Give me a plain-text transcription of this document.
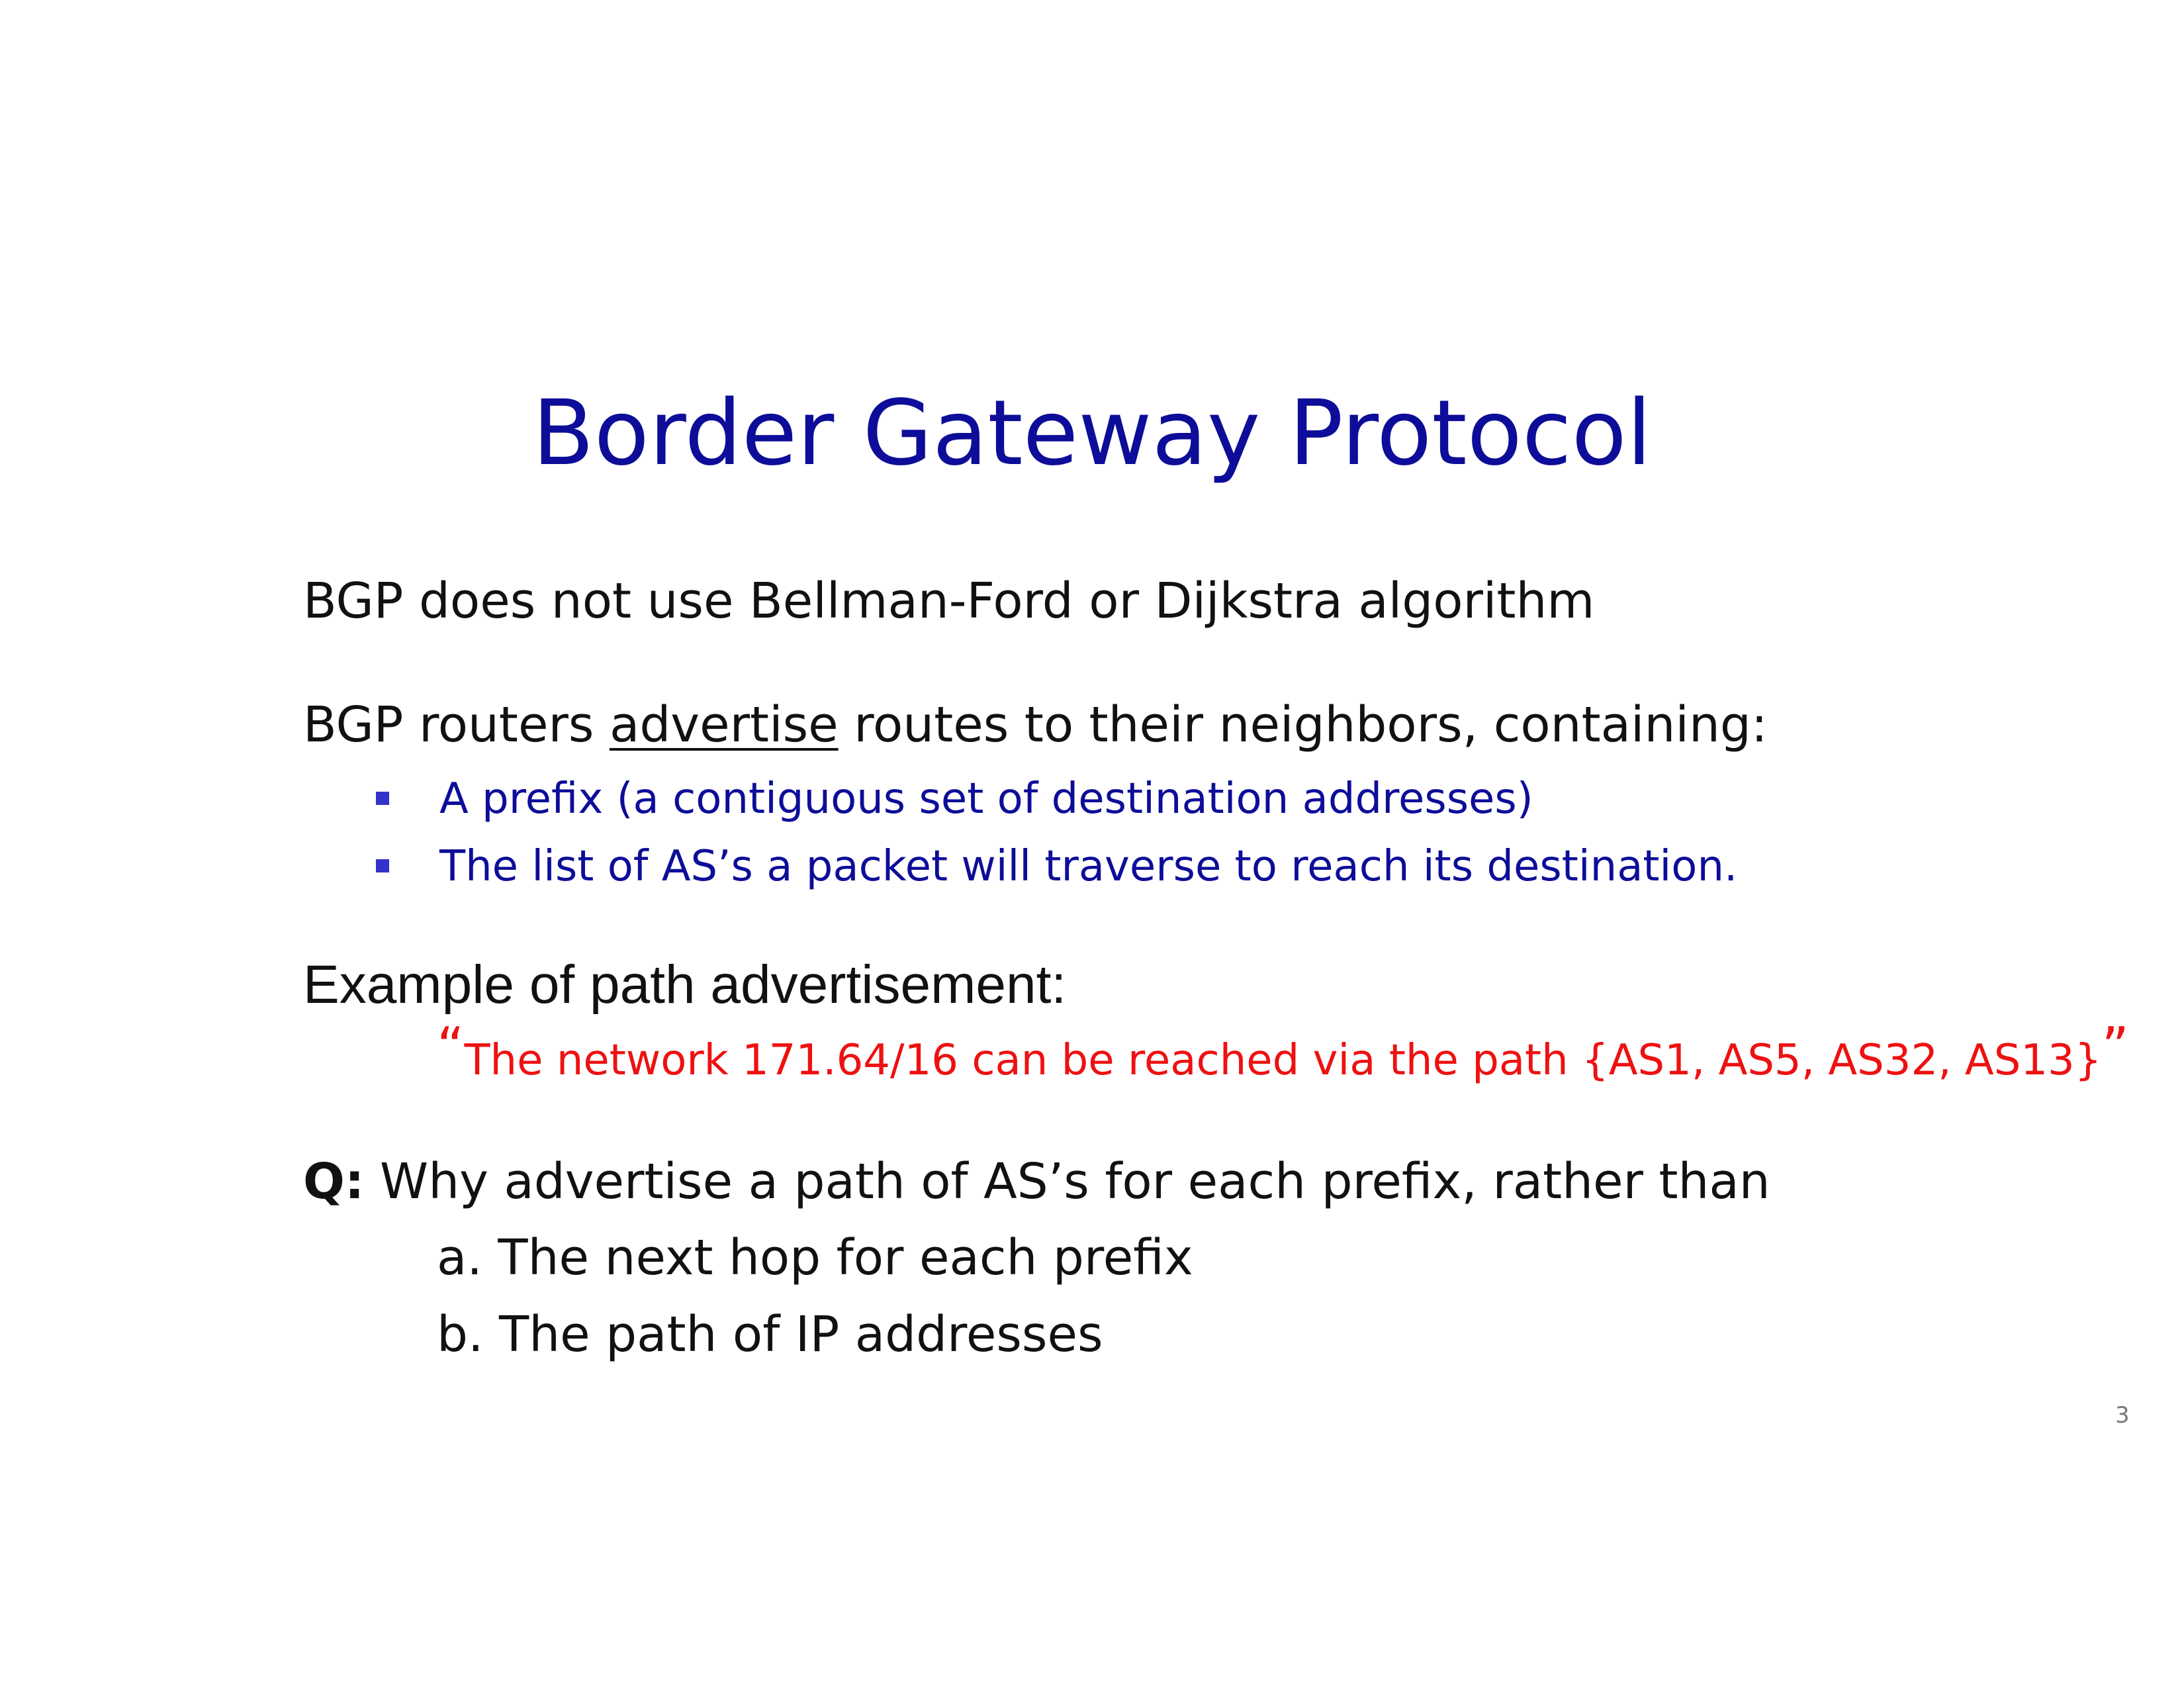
Border Gateway Protocol
BGP does not use Bellman-Ford or Dijkstra algorithm
BGP routers advertise routes to their neighbors, containing:
A prefix (a contiguous set of destination addresses)
The list of AS’s a packet will traverse to reach its destination.
Example of path advertisement:
“The network 171.64/16 can be reached via the path {AS1, AS5, AS32, AS13}”
Q: Why advertise a path of AS’s for each prefix, rather than
a. The next hop for each prefix
b. The path of IP addresses
3
